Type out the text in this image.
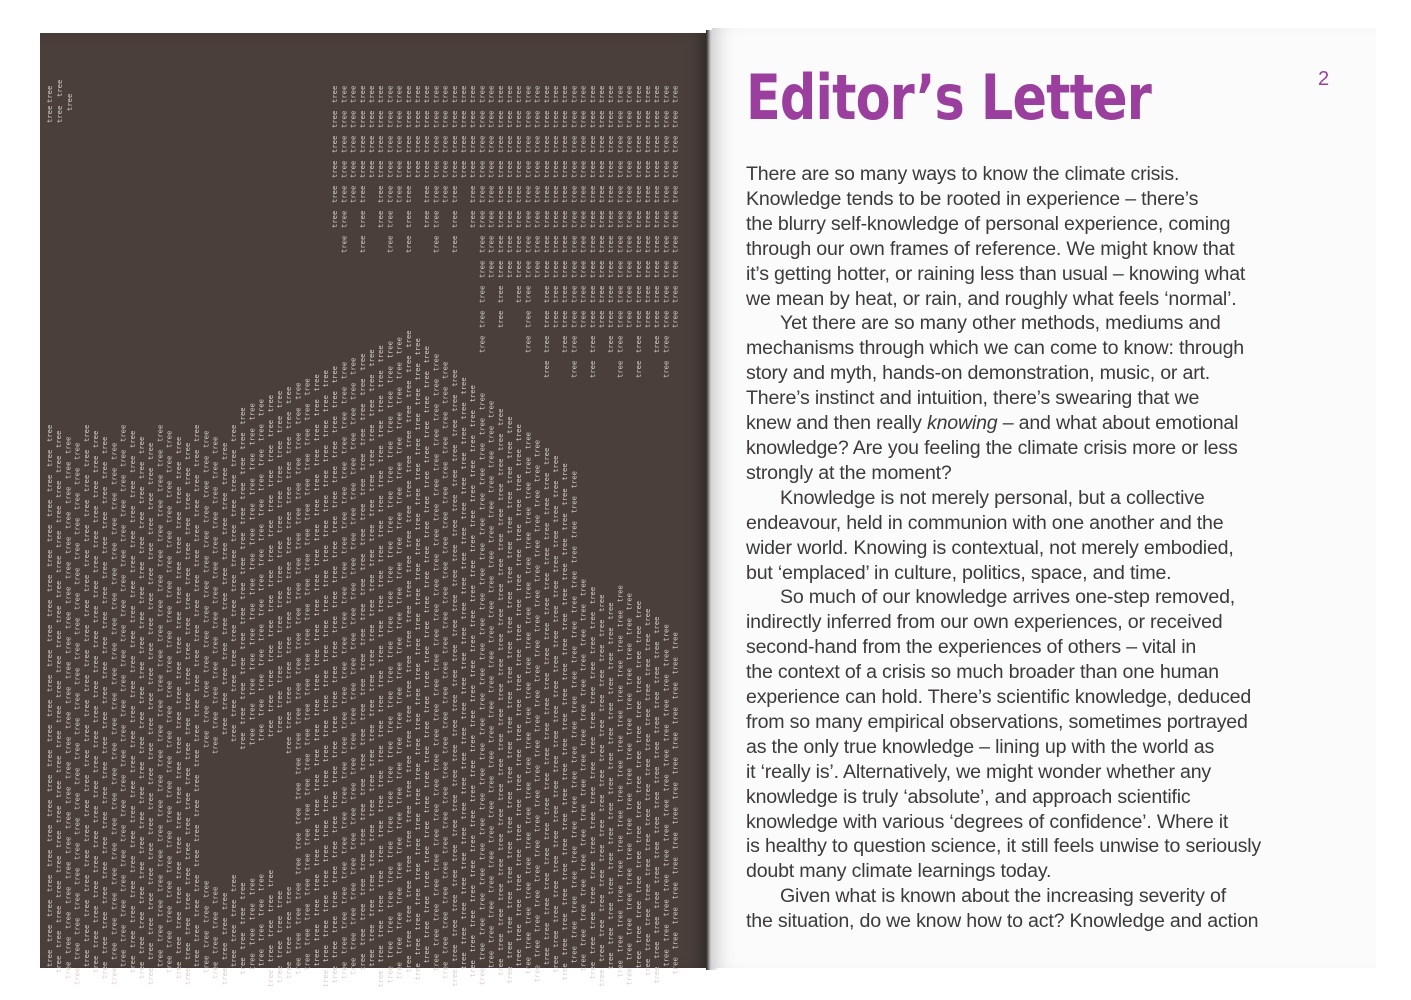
tree tree
tree
tree tree
tree
tree
tree
tree
tree
tree
tree
tree
tree
tree
tree
tree
tree
tree
tree
tree
tree
tree
tree
tree
tree
tree
tree
tree
tree
tree
tree
tree
tree
tree
tree
tree
tree
tree
tree
tree
tree
tree
tree
tree
tree
tree
tree
tree
tree
tree
tree
tree
tree
tree
tree
tree
tree
tree
tree
tree
tree
tree
tree
tree
tree
tree
tree
tree
tree
tree
tree
tree
tree
tree
tree
tree
tree
tree
tree
tree
tree
tree
tree
tree
tree
tree
tree
tree
tree
tree
tree
tree
tree
tree
tree
tree
tree
tree
tree
tree
tree
tree
tree
tree
tree
tree
tree
tree
tree
tree
tree
tree
tree
tree
tree
tree
tree
tree
tree
tree
tree
tree
tree
tree
tree
tree
tree
tree
tree
tree
tree
tree
tree
tree
tree
tree
tree
tree
tree
tree
tree
tree
tree
tree
tree
tree
tree
tree
tree
tree
tree
tree
tree
tree
tree
tree
tree
tree
tree
tree
tree
tree
tree
tree
tree
tree
tree
tree
tree
tree
tree
tree
tree
tree
tree
tree
tree
tree
tree
tree
tree
tree
tree
tree
tree
tree
tree
tree
tree
tree
tree
tree
tree
tree
tree
tree
tree
tree
tree
tree
tree
tree
tree
tree
tree
tree
tree
tree
tree
tree
tree
tree
tree
tree
tree
tree
tree
tree
tree
tree
tree
tree
tree
tree
tree
tree
tree
tree
tree
tree
tree
tree
tree
tree
tree
tree
tree
tree
tree
tree
tree
tree
tree
tree
tree
tree
tree
tree
tree
tree
tree
tree
tree
tree
tree
tree
tree
tree
tree
tree
tree
tree
tree
tree
tree
tree
tree
tree
tree
tree
tree
tree
tree
tree
tree
tree
tree
tree
tree
tree
tree
tree
tree
tree
tree
tree
tree
tree
tree
tree
tree
tree
tree
tree
tree
tree
tree
tree
tree
tree
tree
tree
tree
tree
tree
tree
tree
tree
tree
tree
tree
tree
tree
tree
tree
tree
tree
tree
tree
tree
tree
tree
tree
tree
tree
tree
tree
tree
tree
tree
tree
tree
tree
tree
tree
tree
tree
tree
tree
tree
tree
tree
tree
tree
tree
tree
tree
tree
tree
tree
tree
tree
tree
tree
tree
tree
tree
tree
tree
tree
tree
tree
tree
tree
tree
tree
tree
tree
tree
tree
tree
tree
tree
tree
tree
tree
tree
tree
tree
tree
tree
tree
tree
tree
tree
tree
tree
tree
tree
tree
tree
tree
tree
tree
tree
tree
tree
tree
tree
tree
tree
tree
tree
tree
tree
tree
tree
tree
tree
tree
tree
tree
tree
tree
tree
tree
tree
tree
tree
tree
tree
tree
tree
tree
tree
tree
tree
tree
tree
tree
tree
tree
tree
tree
tree
tree
tree
tree
tree
tree
tree
tree
tree
tree
tree
tree
tree
tree
tree
tree
tree
tree
tree
tree
tree
tree
tree
tree
tree
tree
tree
tree
tree
tree
tree
tree
tree
tree
tree
tree
tree
tree
tree
tree
tree
tree
tree
tree
tree
tree
tree
tree
tree
tree
tree
tree
tree
tree
tree
tree
tree
tree
tree
tree
tree
tree
tree
tree
tree
tree
tree
tree
tree
tree
tree
tree
tree
tree
tree
tree
tree
tree
tree
tree
tree
tree
tree
tree
tree
tree
tree
tree
tree
tree
tree
tree
tree
tree
tree
tree
tree
tree
tree
tree
tree
tree
tree
tree
tree
tree
tree
tree
tree
tree
tree
tree
tree
tree
tree
tree
tree
tree
tree
tree
tree
tree
tree
tree
tree
tree
tree
tree
tree
tree
tree
tree
tree
tree
tree
tree
tree
tree
tree
tree
tree
tree
tree
tree
tree
tree
tree
tree
tree
tree
tree
tree
tree
tree
tree
tree
tree
tree
tree
tree
tree
tree
tree
tree
tree
tree
tree
tree
tree
tree
tree
tree
tree
tree
tree
tree
tree
tree
tree
tree
tree
tree
tree
tree
tree
tree
tree
tree
tree
tree
tree
tree
tree
tree
tree
tree
tree
tree
tree
tree
tree
tree
tree
tree
tree
tree
tree
tree
tree
tree
tree
tree
tree
tree
tree
tree
tree
tree
tree
tree
tree
tree
tree
tree
tree
tree
tree
tree
tree
tree
tree
tree
tree
tree
tree
tree
tree
tree
tree
tree
tree
tree
tree
tree
tree
tree
tree
tree
tree
tree
tree
tree
tree
tree
tree
tree
tree
tree
tree
tree
tree
tree
tree
tree
tree
tree
tree
tree
tree
tree
tree
tree
tree
tree
tree
tree
tree
tree
tree
tree
tree
tree
tree
tree
tree
tree
tree
tree
tree
tree
tree
tree
tree
tree
tree
tree
tree
tree
tree
tree
tree
tree
tree
tree
tree
tree
tree
tree
tree
tree
tree
tree
tree
tree
tree
tree
tree
tree
tree
tree
tree
tree
tree
tree
tree
tree
tree
tree
tree
tree
tree
tree
tree
tree
tree
tree
tree
tree
tree
tree
tree
tree
tree
tree
tree
tree
tree
tree
tree
tree
tree
tree
tree
tree
tree
tree
tree
tree
tree
tree
tree
tree
tree
tree
tree
tree
tree
tree
tree
tree
tree
tree
tree
tree
tree
tree
tree
tree
tree
tree
tree
tree
tree
tree
tree
tree
tree
tree
tree
tree
tree
tree
tree
tree
tree
tree
tree
tree
tree
tree
tree
tree
tree
tree
tree
tree
tree
tree
tree
tree
tree
tree
tree
tree
tree
tree
tree
tree
tree
tree
tree
tree
tree
tree
tree
tree
tree
tree
tree
tree
tree
tree
tree
tree
tree
tree
tree
tree
tree
tree
tree
tree
tree
tree
tree
tree
tree
tree
tree
tree
tree
tree
tree
tree
tree
tree
tree
tree
tree
tree
tree
tree
tree
tree
tree
tree
tree
tree
tree
tree
tree
tree
tree
tree
tree
tree
tree
tree
tree
tree
tree
tree
tree
tree
tree
tree
tree
tree
tree
tree
tree
tree
tree
tree
tree
tree
tree
tree
tree
tree
tree
tree
tree
tree
tree
tree
tree
tree
tree
tree
tree
tree
tree
tree
tree
tree
tree
tree
tree
tree
tree
tree
tree
tree
tree
tree
tree
tree
tree
tree
tree
tree
tree
tree
tree
tree
tree
tree
tree
tree
tree
tree
tree
tree
tree
tree
tree
tree
tree
tree
tree
tree
tree
tree
tree
tree
tree
tree
tree
tree
tree
tree
tree
tree
tree
tree
tree
tree
tree
tree
tree
tree
tree
tree
tree
tree
tree
tree
tree
tree
tree
tree
tree
tree
tree
tree
tree
tree
tree
tree
tree
tree
tree
tree
tree
tree
tree
tree
tree
tree
tree
tree
tree
tree
tree
tree
tree
tree
tree
tree
tree
tree
tree
tree
tree
tree
tree
tree
tree
tree
tree
tree
tree
tree
tree
tree
tree
tree
tree
tree
tree
tree
tree
tree
tree
tree
tree
tree
tree
tree
tree
tree
tree
tree
tree
tree
tree
tree
tree
tree
tree
tree
tree
tree
tree
tree
tree
tree
tree
tree
tree
tree
tree
tree
tree
tree
tree
tree
tree
tree
tree
tree
tree
tree
tree
tree
tree
tree
tree
tree
tree
tree
tree
tree
tree
tree
tree
tree
tree
tree
tree
tree
tree
tree
tree
tree
tree
tree
tree
tree
tree
tree
tree
tree
tree
tree
tree
tree
tree
tree
tree
tree
tree
tree
tree
tree
tree
tree
tree
tree
tree
tree
tree
tree
tree
tree
tree
tree
tree
tree
tree
tree
tree
tree
tree
tree
tree
tree
tree
tree
tree
tree
tree
tree
tree
tree
tree
tree
tree
tree
tree
tree
tree
tree
tree
tree
tree
tree
tree
tree
tree
tree
tree
tree
tree
tree
tree
tree
tree
tree
tree
tree
tree
tree
tree
tree
tree
tree
tree
tree
tree
tree
tree
tree
tree
tree
tree
tree
tree
tree
tree
tree
tree
tree
tree
tree
tree
tree
tree
tree
tree
tree
tree
tree
tree
tree
tree
tree
tree
tree
tree
tree
tree
tree
tree
tree
tree
tree
tree
tree
tree
tree
tree
tree
tree
tree
tree
tree
tree
tree
tree
tree
tree
tree
tree
tree
tree
tree
tree
tree
tree
tree
tree
tree
tree
tree
tree
tree
tree
tree
tree
tree
tree
tree
tree
tree
tree
tree
tree
tree
tree
tree
tree
tree
tree
tree
tree
tree
tree
tree
tree
tree
tree
tree
tree
tree
tree
tree
tree
tree
tree
tree
tree
tree
tree
tree
tree
tree
tree
tree
tree
tree
tree
tree
tree
tree
tree
tree
tree
tree
tree
tree
tree
tree
tree
tree
tree
tree
tree
tree
tree
tree
tree
tree
tree
tree
tree
tree
tree
tree
tree
tree
tree
tree
tree
tree
tree
tree
tree
tree
tree
tree
tree
tree
tree
tree
tree
tree
tree
tree
tree
tree
tree
tree
tree
tree
tree
tree
tree
tree
tree
tree
tree
tree
tree
tree
tree
tree
tree
tree
tree
tree
tree
tree
tree
tree
tree
tree
tree
tree
tree
tree
tree
tree
tree
tree
tree
tree
tree
tree
tree
tree
tree
tree
tree
tree
tree
tree
tree
tree
tree
tree
tree
tree
tree
tree
tree
tree
tree
tree
tree
tree
tree
tree
tree
tree
tree
tree
tree
tree
tree
tree
tree
tree
tree
tree
tree
tree
tree
tree
tree
tree
tree
tree
tree
tree
tree
tree
tree
tree
tree
tree
tree
tree
tree
tree
tree
tree
tree
tree
tree
tree
tree
tree
tree
tree
tree
tree
tree
tree
tree
tree
tree
tree
tree
tree
tree
tree
tree
tree
tree
tree
tree
tree
tree
tree
tree
tree
tree
tree
tree
tree
tree
tree
tree
tree
tree
tree
tree
tree
tree
tree
tree
tree
tree
tree
tree
tree
tree
tree
tree
tree
tree
tree
tree
tree
tree
tree
tree
tree
tree
tree
tree
tree
tree
tree
tree
tree
tree
tree
tree
tree
tree
tree
tree
tree
tree
tree
tree
tree
tree
tree
tree
tree
tree
tree
tree
tree
tree
tree
tree
tree
tree
tree
tree
tree
tree
tree
tree
tree
tree
tree
tree
tree
tree
tree
tree
tree
tree
tree
tree
tree
tree
tree
tree
tree
tree
tree
tree
tree
tree
tree
tree
tree
tree
tree
tree
tree
tree
tree
tree
tree
tree
tree
tree
tree
tree
tree
tree
tree
tree
tree
tree
tree
tree
tree
tree
tree
tree
tree
tree
tree
tree
tree
tree
tree
tree
tree
tree
tree
tree
tree
tree
tree
tree
tree
tree
tree
tree
tree
tree
tree
tree
tree
tree
tree
tree
tree
tree
tree
tree
tree
tree
tree
tree
tree
tree
tree
tree
tree
tree
tree
tree
tree
tree
tree
tree
tree
tree
tree
tree
tree
tree
tree
tree
tree
tree
tree
tree
tree
tree
tree
tree
tree
tree
tree
tree
tree
tree
tree
tree
tree
tree
tree
tree
tree
tree
tree
tree
tree
tree
tree
tree
tree
tree
tree
tree
tree
tree
tree
tree
tree
tree
tree
tree
tree
tree
tree
tree
tree
tree
tree
tree
tree
tree
tree
tree
tree
tree
tree
tree
tree
tree
tree
tree
tree
tree
tree
tree
tree
tree
tree
tree
tree
tree
tree
tree
tree
tree
tree
tree
tree
tree
tree
tree
tree
tree
tree
tree
tree
tree
tree
tree
tree
tree
tree
tree
tree
tree
tree
tree
tree
tree
tree
tree
tree
tree
tree
tree
tree
tree
tree
tree
tree
Editor’s Letter	2
There are so many ways to know the climate crisis.
Knowledge tends to be rooted in experience – there’s
the blurry self-knowledge of personal experience, coming
through our own frames of reference. We might know that
it’s getting hotter, or raining less than usual – knowing what
we mean by heat, or rain, and roughly what feels ‘normal’.
Yet there are so many other methods, mediums and
mechanisms through which we can come to know: through
story and myth, hands-on demonstration, music, or art.
There’s instinct and intuition, there’s swearing that we
knew and then really knowing – and what about emotional
knowledge? Are you feeling the climate crisis more or less
strongly at the moment?
Knowledge is not merely personal, but a collective
endeavour, held in communion with one another and the
wider world. Knowing is contextual, not merely embodied,
but ‘emplaced’ in culture, politics, space, and time.
So much of our knowledge arrives one-step removed,
indirectly inferred from our own experiences, or received
second-hand from the experiences of others – vital in
the context of a crisis so much broader than one human
experience can hold. There’s scientific knowledge, deduced
from so many empirical observations, sometimes portrayed
as the only true knowledge – lining up with the world as
it ‘really is’. Alternatively, we might wonder whether any
knowledge is truly ‘absolute’, and approach scientific
knowledge with various ‘degrees of confidence’. Where it
is healthy to question science, it still feels unwise to seriously
doubt many climate learnings today.
Given what is known about the increasing severity of
the situation, do we know how to act? Knowledge and action
